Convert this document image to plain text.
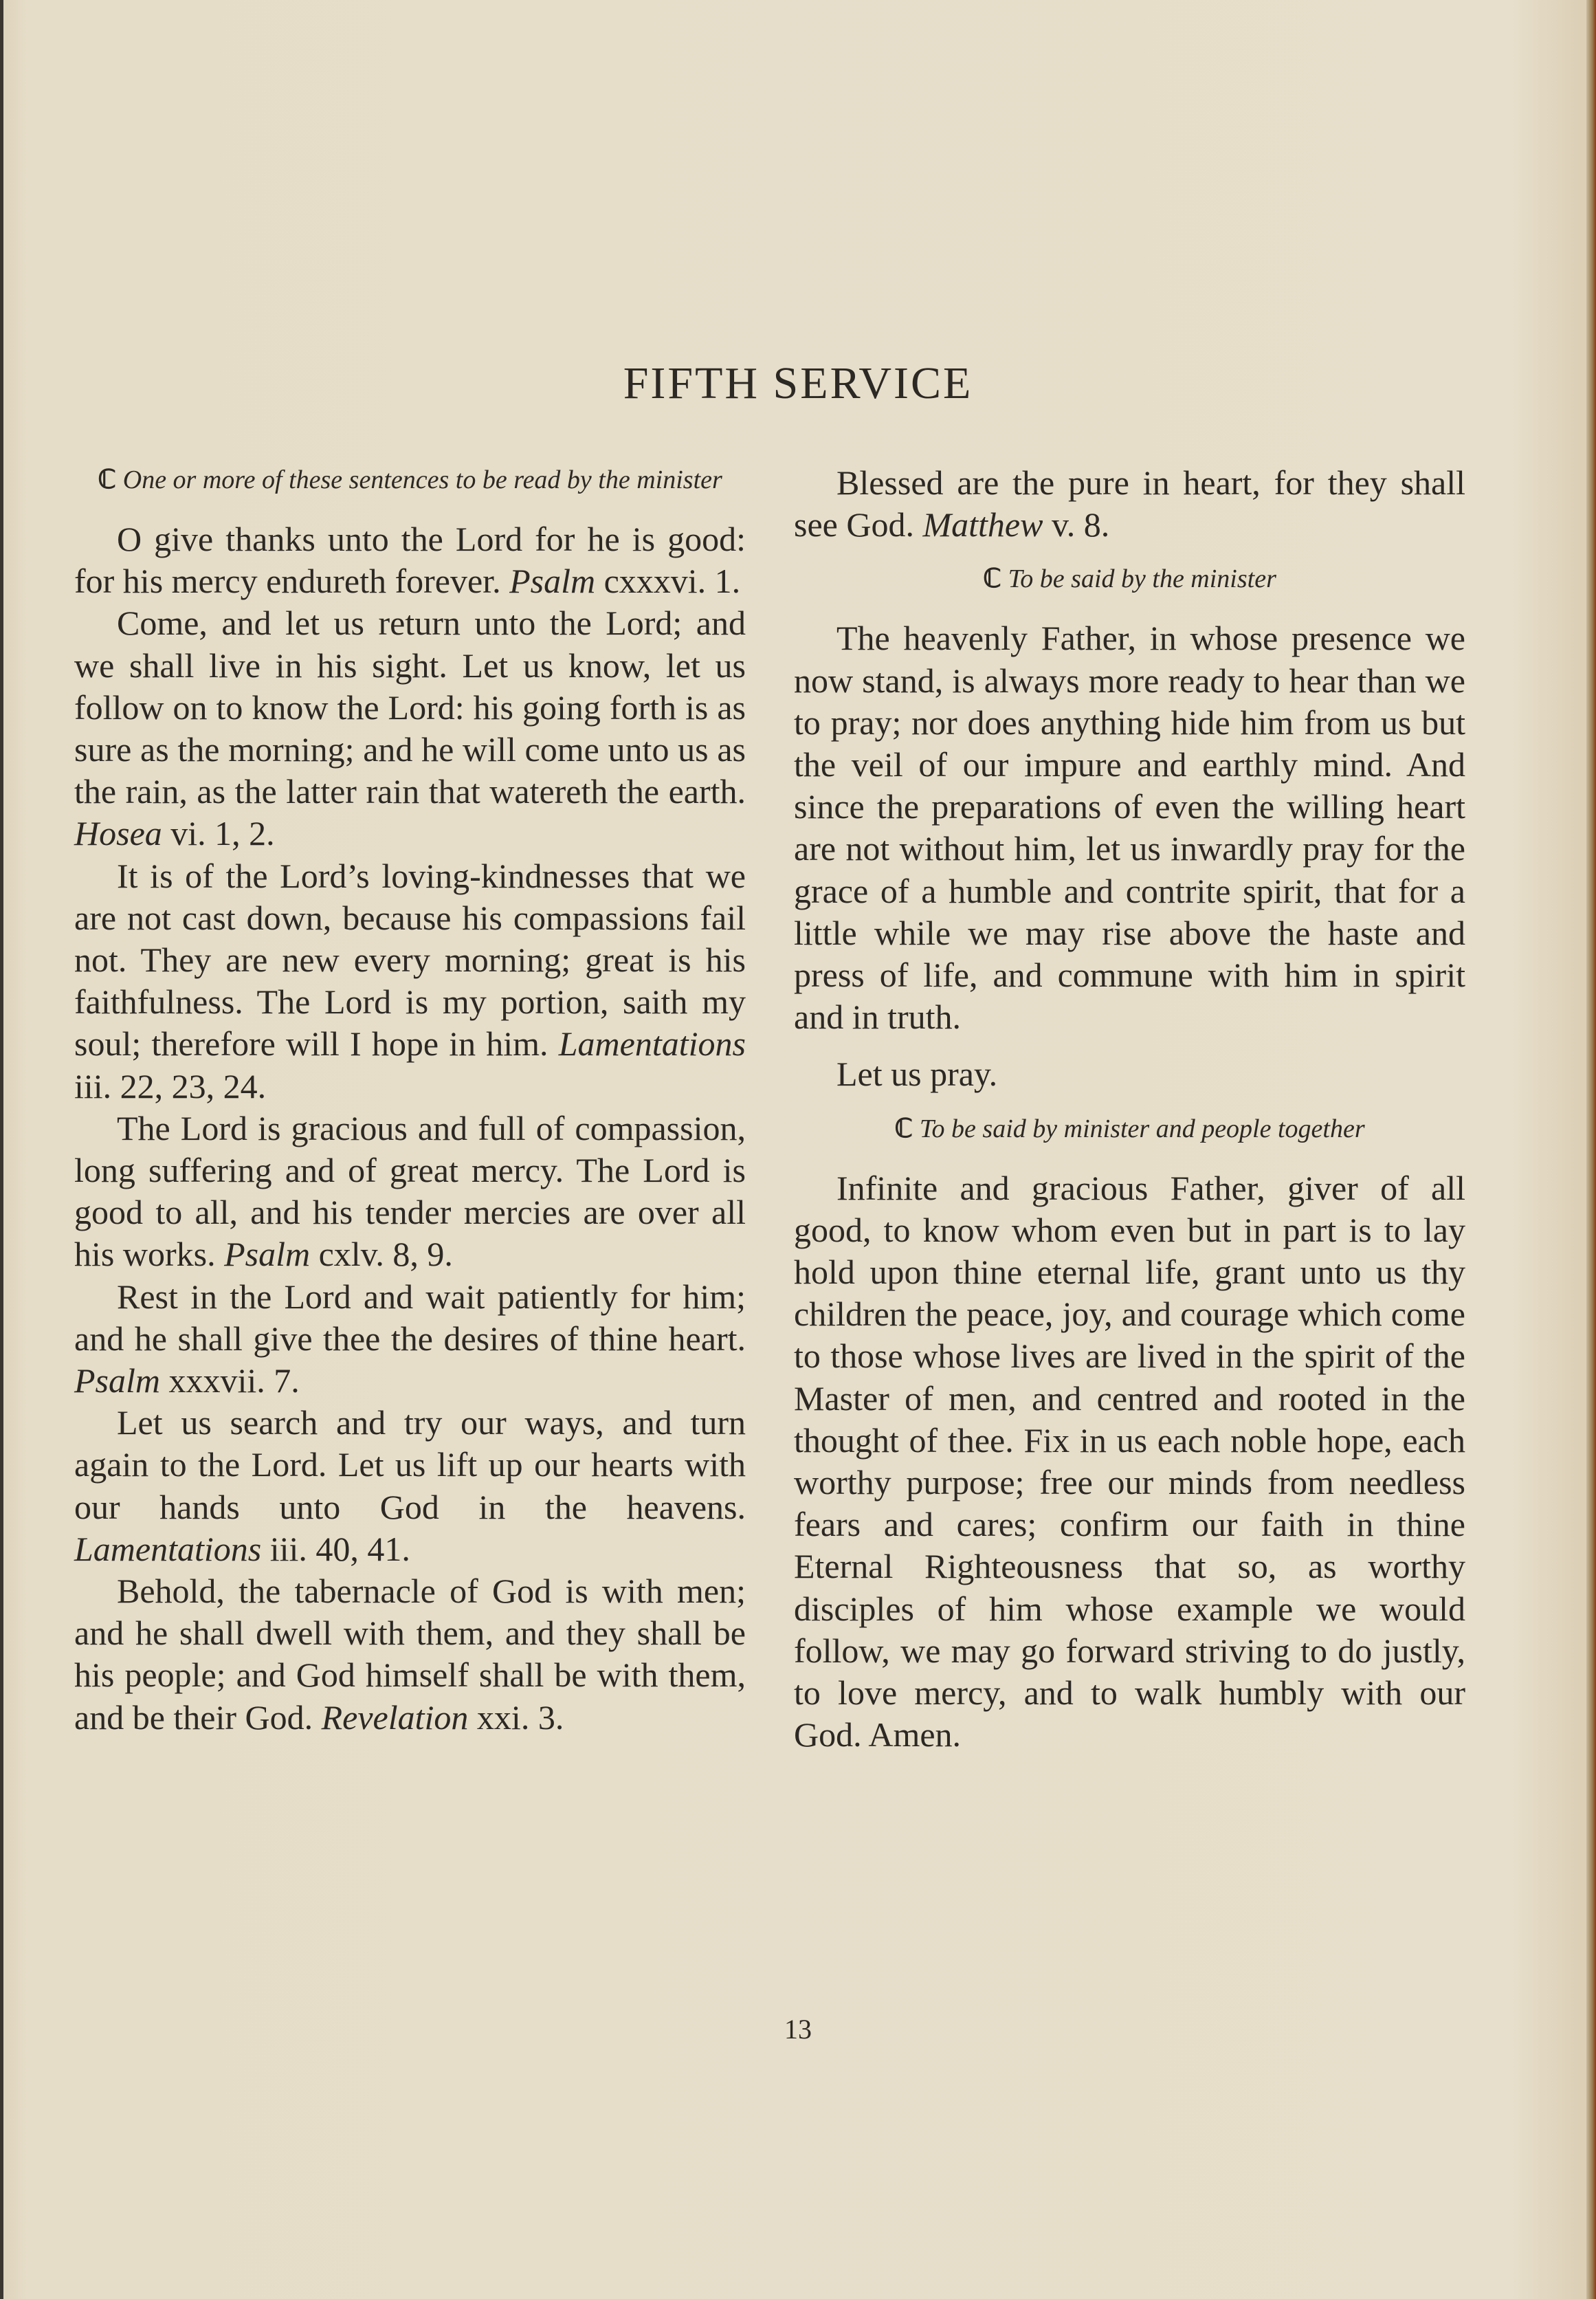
FIFTH SERVICE

ℂ One or more of these sentences to be read by the minister

O give thanks unto the Lord for he is good: for his mercy endureth forever. Psalm cxxxvi. 1.

Come, and let us return unto the Lord; and we shall live in his sight. Let us know, let us follow on to know the Lord: his going forth is as sure as the morning; and he will come unto us as the rain, as the latter rain that watereth the earth. Hosea vi. 1, 2.

It is of the Lord’s loving-kindnesses that we are not cast down, because his compassions fail not. They are new every morning; great is his faithfulness. The Lord is my portion, saith my soul; therefore will I hope in him. Lamentations iii. 22, 23, 24.

The Lord is gracious and full of compassion, long suffering and of great mercy. The Lord is good to all, and his tender mercies are over all his works. Psalm cxlv. 8, 9.

Rest in the Lord and wait patiently for him; and he shall give thee the desires of thine heart. Psalm xxxvii. 7.

Let us search and try our ways, and turn again to the Lord. Let us lift up our hearts with our hands unto God in the heavens. Lamentations iii. 40, 41.

Behold, the tabernacle of God is with men; and he shall dwell with them, and they shall be his people; and God himself shall be with them, and be their God. Revelation xxi. 3.

Blessed are the pure in heart, for they shall see God. Matthew v. 8.

ℂ To be said by the minister

The heavenly Father, in whose presence we now stand, is always more ready to hear than we to pray; nor does anything hide him from us but the veil of our impure and earthly mind. And since the preparations of even the willing heart are not without him, let us inwardly pray for the grace of a humble and contrite spirit, that for a little while we may rise above the haste and press of life, and commune with him in spirit and in truth.

Let us pray.

ℂ To be said by minister and people together

Infinite and gracious Father, giver of all good, to know whom even but in part is to lay hold upon thine eternal life, grant unto us thy children the peace, joy, and courage which come to those whose lives are lived in the spirit of the Master of men, and centred and rooted in the thought of thee. Fix in us each noble hope, each worthy purpose; free our minds from needless fears and cares; confirm our faith in thine Eternal Righteousness that so, as worthy disciples of him whose example we would follow, we may go forward striving to do justly, to love mercy, and to walk humbly with our God. Amen.

13
